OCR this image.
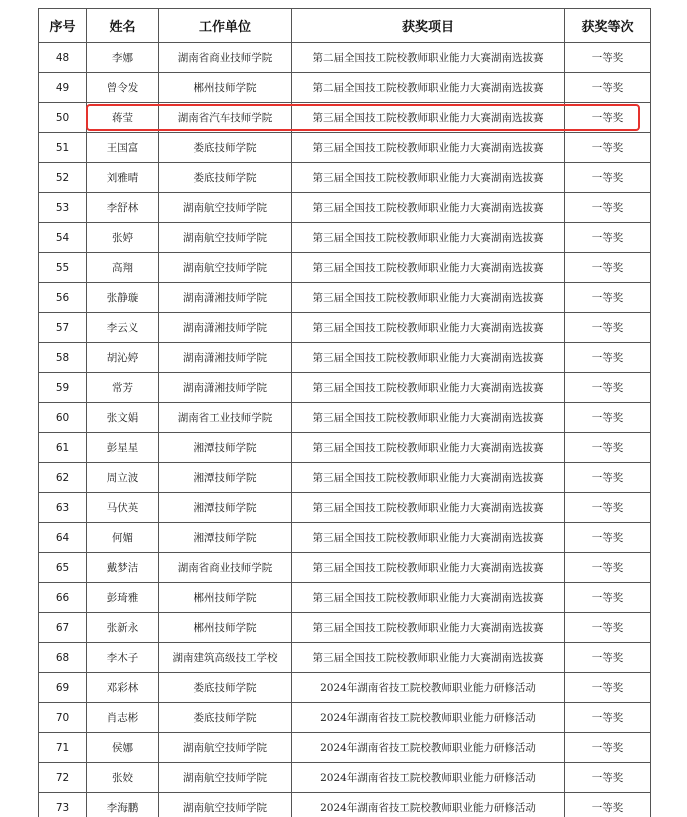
序号	姓名	工作单位	获奖项目	获奖等次
48	李娜	湖南省商业技师学院	第二届全国技工院校教师职业能力大赛湖南选拔赛	一等奖
49	曾令发	郴州技师学院	第二届全国技工院校教师职业能力大赛湖南选拔赛	一等奖
50	蒋莹	湖南省汽车技师学院	第三届全国技工院校教师职业能力大赛湖南选拔赛	一等奖
51	王国富	娄底技师学院	第三届全国技工院校教师职业能力大赛湖南选拔赛	一等奖
52	刘雅晴	娄底技师学院	第三届全国技工院校教师职业能力大赛湖南选拔赛	一等奖
53	李舒林	湖南航空技师学院	第三届全国技工院校教师职业能力大赛湖南选拔赛	一等奖
54	张婷	湖南航空技师学院	第三届全国技工院校教师职业能力大赛湖南选拔赛	一等奖
55	高翔	湖南航空技师学院	第三届全国技工院校教师职业能力大赛湖南选拔赛	一等奖
56	张静璇	湖南潇湘技师学院	第三届全国技工院校教师职业能力大赛湖南选拔赛	一等奖
57	李云义	湖南潇湘技师学院	第三届全国技工院校教师职业能力大赛湖南选拔赛	一等奖
58	胡沁婷	湖南潇湘技师学院	第三届全国技工院校教师职业能力大赛湖南选拔赛	一等奖
59	常芳	湖南潇湘技师学院	第三届全国技工院校教师职业能力大赛湖南选拔赛	一等奖
60	张文娟	湖南省工业技师学院	第三届全国技工院校教师职业能力大赛湖南选拔赛	一等奖
61	彭星星	湘潭技师学院	第三届全国技工院校教师职业能力大赛湖南选拔赛	一等奖
62	周立波	湘潭技师学院	第三届全国技工院校教师职业能力大赛湖南选拔赛	一等奖
63	马伏英	湘潭技师学院	第三届全国技工院校教师职业能力大赛湖南选拔赛	一等奖
64	何媚	湘潭技师学院	第三届全国技工院校教师职业能力大赛湖南选拔赛	一等奖
65	戴梦洁	湖南省商业技师学院	第三届全国技工院校教师职业能力大赛湖南选拔赛	一等奖
66	彭琦雅	郴州技师学院	第三届全国技工院校教师职业能力大赛湖南选拔赛	一等奖
67	张新永	郴州技师学院	第三届全国技工院校教师职业能力大赛湖南选拔赛	一等奖
68	李木子	湖南建筑高级技工学校	第三届全国技工院校教师职业能力大赛湖南选拔赛	一等奖
69	邓彩林	娄底技师学院	2024年湖南省技工院校教师职业能力研修活动	一等奖
70	肖志彬	娄底技师学院	2024年湖南省技工院校教师职业能力研修活动	一等奖
71	侯娜	湖南航空技师学院	2024年湖南省技工院校教师职业能力研修活动	一等奖
72	张姣	湖南航空技师学院	2024年湖南省技工院校教师职业能力研修活动	一等奖
73	李海鹏	湖南航空技师学院	2024年湖南省技工院校教师职业能力研修活动	一等奖
